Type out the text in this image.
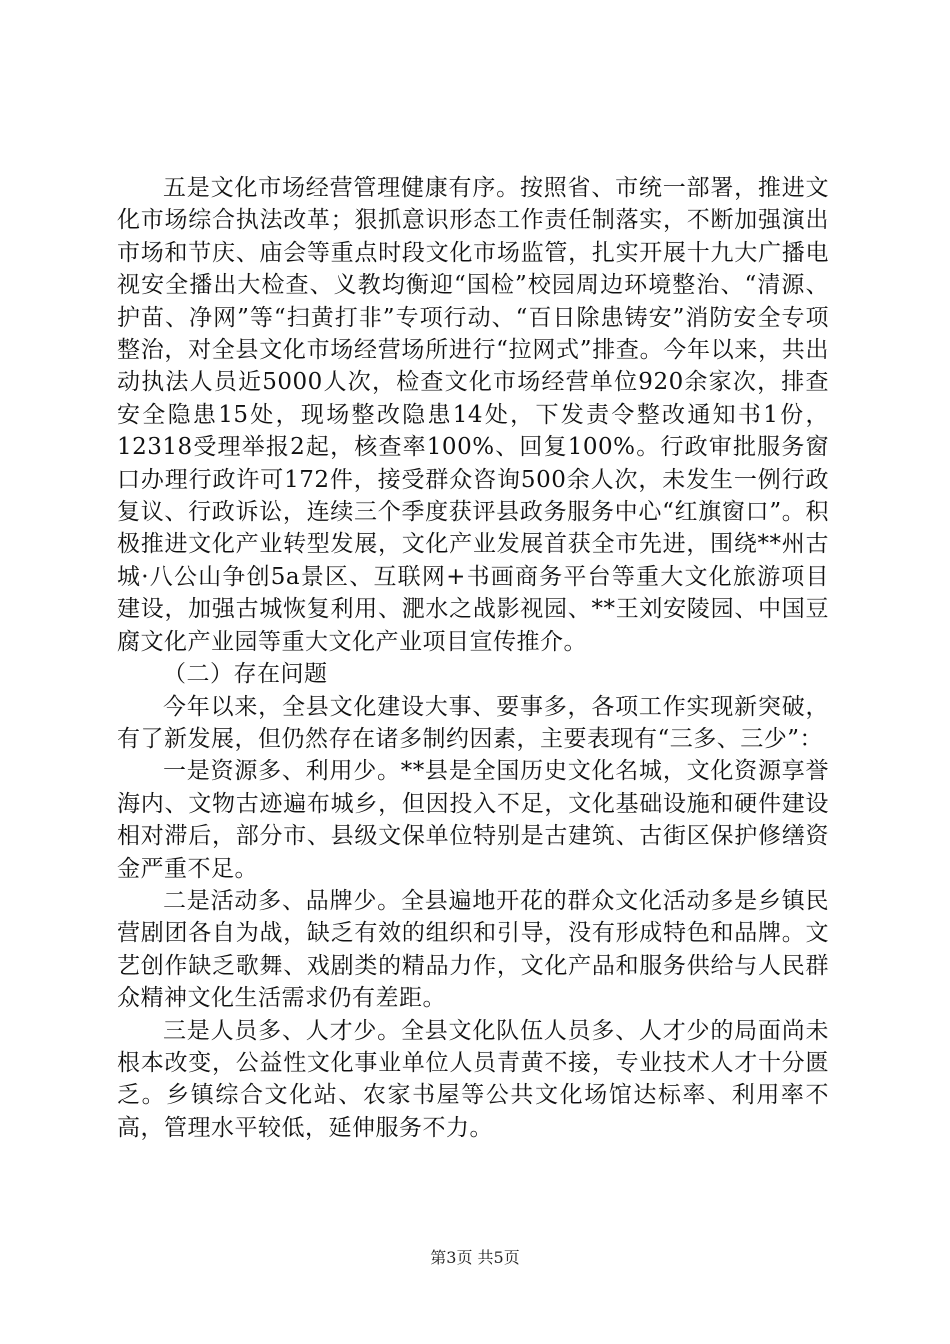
五是文化市场经营管理健康有序。按照省、市统一部署，推进文化市场综合执法改革；狠抓意识形态工作责任制落实，不断加强演出市场和节庆、庙会等重点时段文化市场监管，扎实开展十九大广播电视安全播出大检查、义教均衡迎“国检”校园周边环境整治、“清源、护苗、净网”等“扫黄打非”专项行动、“百日除患铸安”消防安全专项整治，对全县文化市场经营场所进行“拉网式”排查。今年以来，共出动执法人员近5000人次，检查文化市场经营单位920余家次，排查安全隐患15处，现场整改隐患14处，下发责令整改通知书1份，12318受理举报2起，核查率100%、回复100%。行政审批服务窗口办理行政许可172件，接受群众咨询500余人次，未发生一例行政复议、行政诉讼，连续三个季度获评县政务服务中心“红旗窗口”。积极推进文化产业转型发展，文化产业发展首获全市先进，围绕**州古城·八公山争创5a景区、互联网+书画商务平台等重大文化旅游项目建设，加强古城恢复利用、淝水之战影视园、**王刘安陵园、中国豆腐文化产业园等重大文化产业项目宣传推介。

（二）存在问题

今年以来，全县文化建设大事、要事多，各项工作实现新突破，有了新发展，但仍然存在诸多制约因素，主要表现有“三多、三少”：

一是资源多、利用少。**县是全国历史文化名城，文化资源享誉海内、文物古迹遍布城乡，但因投入不足，文化基础设施和硬件建设相对滞后，部分市、县级文保单位特别是古建筑、古街区保护修缮资金严重不足。

二是活动多、品牌少。全县遍地开花的群众文化活动多是乡镇民营剧团各自为战，缺乏有效的组织和引导，没有形成特色和品牌。文艺创作缺乏歌舞、戏剧类的精品力作，文化产品和服务供给与人民群众精神文化生活需求仍有差距。

三是人员多、人才少。全县文化队伍人员多、人才少的局面尚未根本改变，公益性文化事业单位人员青黄不接，专业技术人才十分匮乏。乡镇综合文化站、农家书屋等公共文化场馆达标率、利用率不高，管理水平较低，延伸服务不力。

第3页 共5页
